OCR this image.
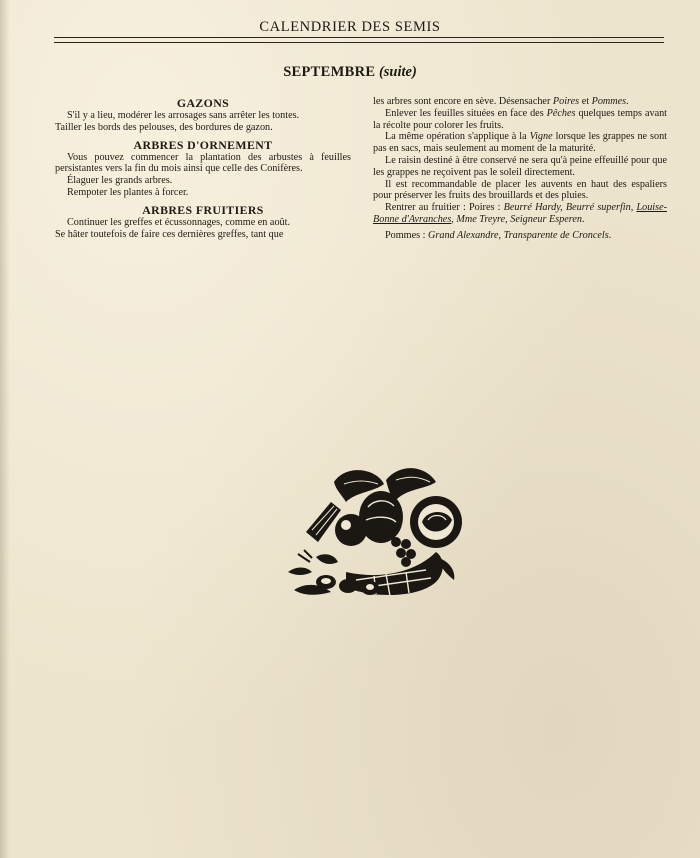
CALENDRIER DES SEMIS
SEPTEMBRE (suite)
GAZONS

S'il y a lieu, modérer les arrosages sans arrêter les tontes.

Tailler les bords des pelouses, des bordures de gazon.

ARBRES D'ORNEMENT

Vous pouvez commencer la plantation des arbustes à feuilles persistantes vers la fin du mois ainsi que celle des Conifères.

Élaguer les grands arbres.

Rempoter les plantes à forcer.

ARBRES FRUITIERS

Continuer les greffes et écussonnages, comme en août.

Se hâter toutefois de faire ces dernières greffes, tant que

les arbres sont encore en sève. Désensacher Poires et Pommes.

Enlever les feuilles situées en face des Pêches quelques temps avant la récolte pour colorer les fruits.

La même opération s'applique à la Vigne lorsque les grappes ne sont pas en sacs, mais seulement au moment de la maturité.

Le raisin destiné à être conservé ne sera qu'à peine effeuillé pour que les grappes ne reçoivent pas le soleil directement.

Il est recommandable de placer les auvents en haut des espaliers pour préserver les fruits des brouillards et des pluies.

Rentrer au fruitier : Poires : Beurré Hardy, Beurré superfin, Louise-Bonne d'Avranches, Mme Treyre, Seigneur Esperen.

Pommes : Grand Alexandre, Transparente de Croncels.
